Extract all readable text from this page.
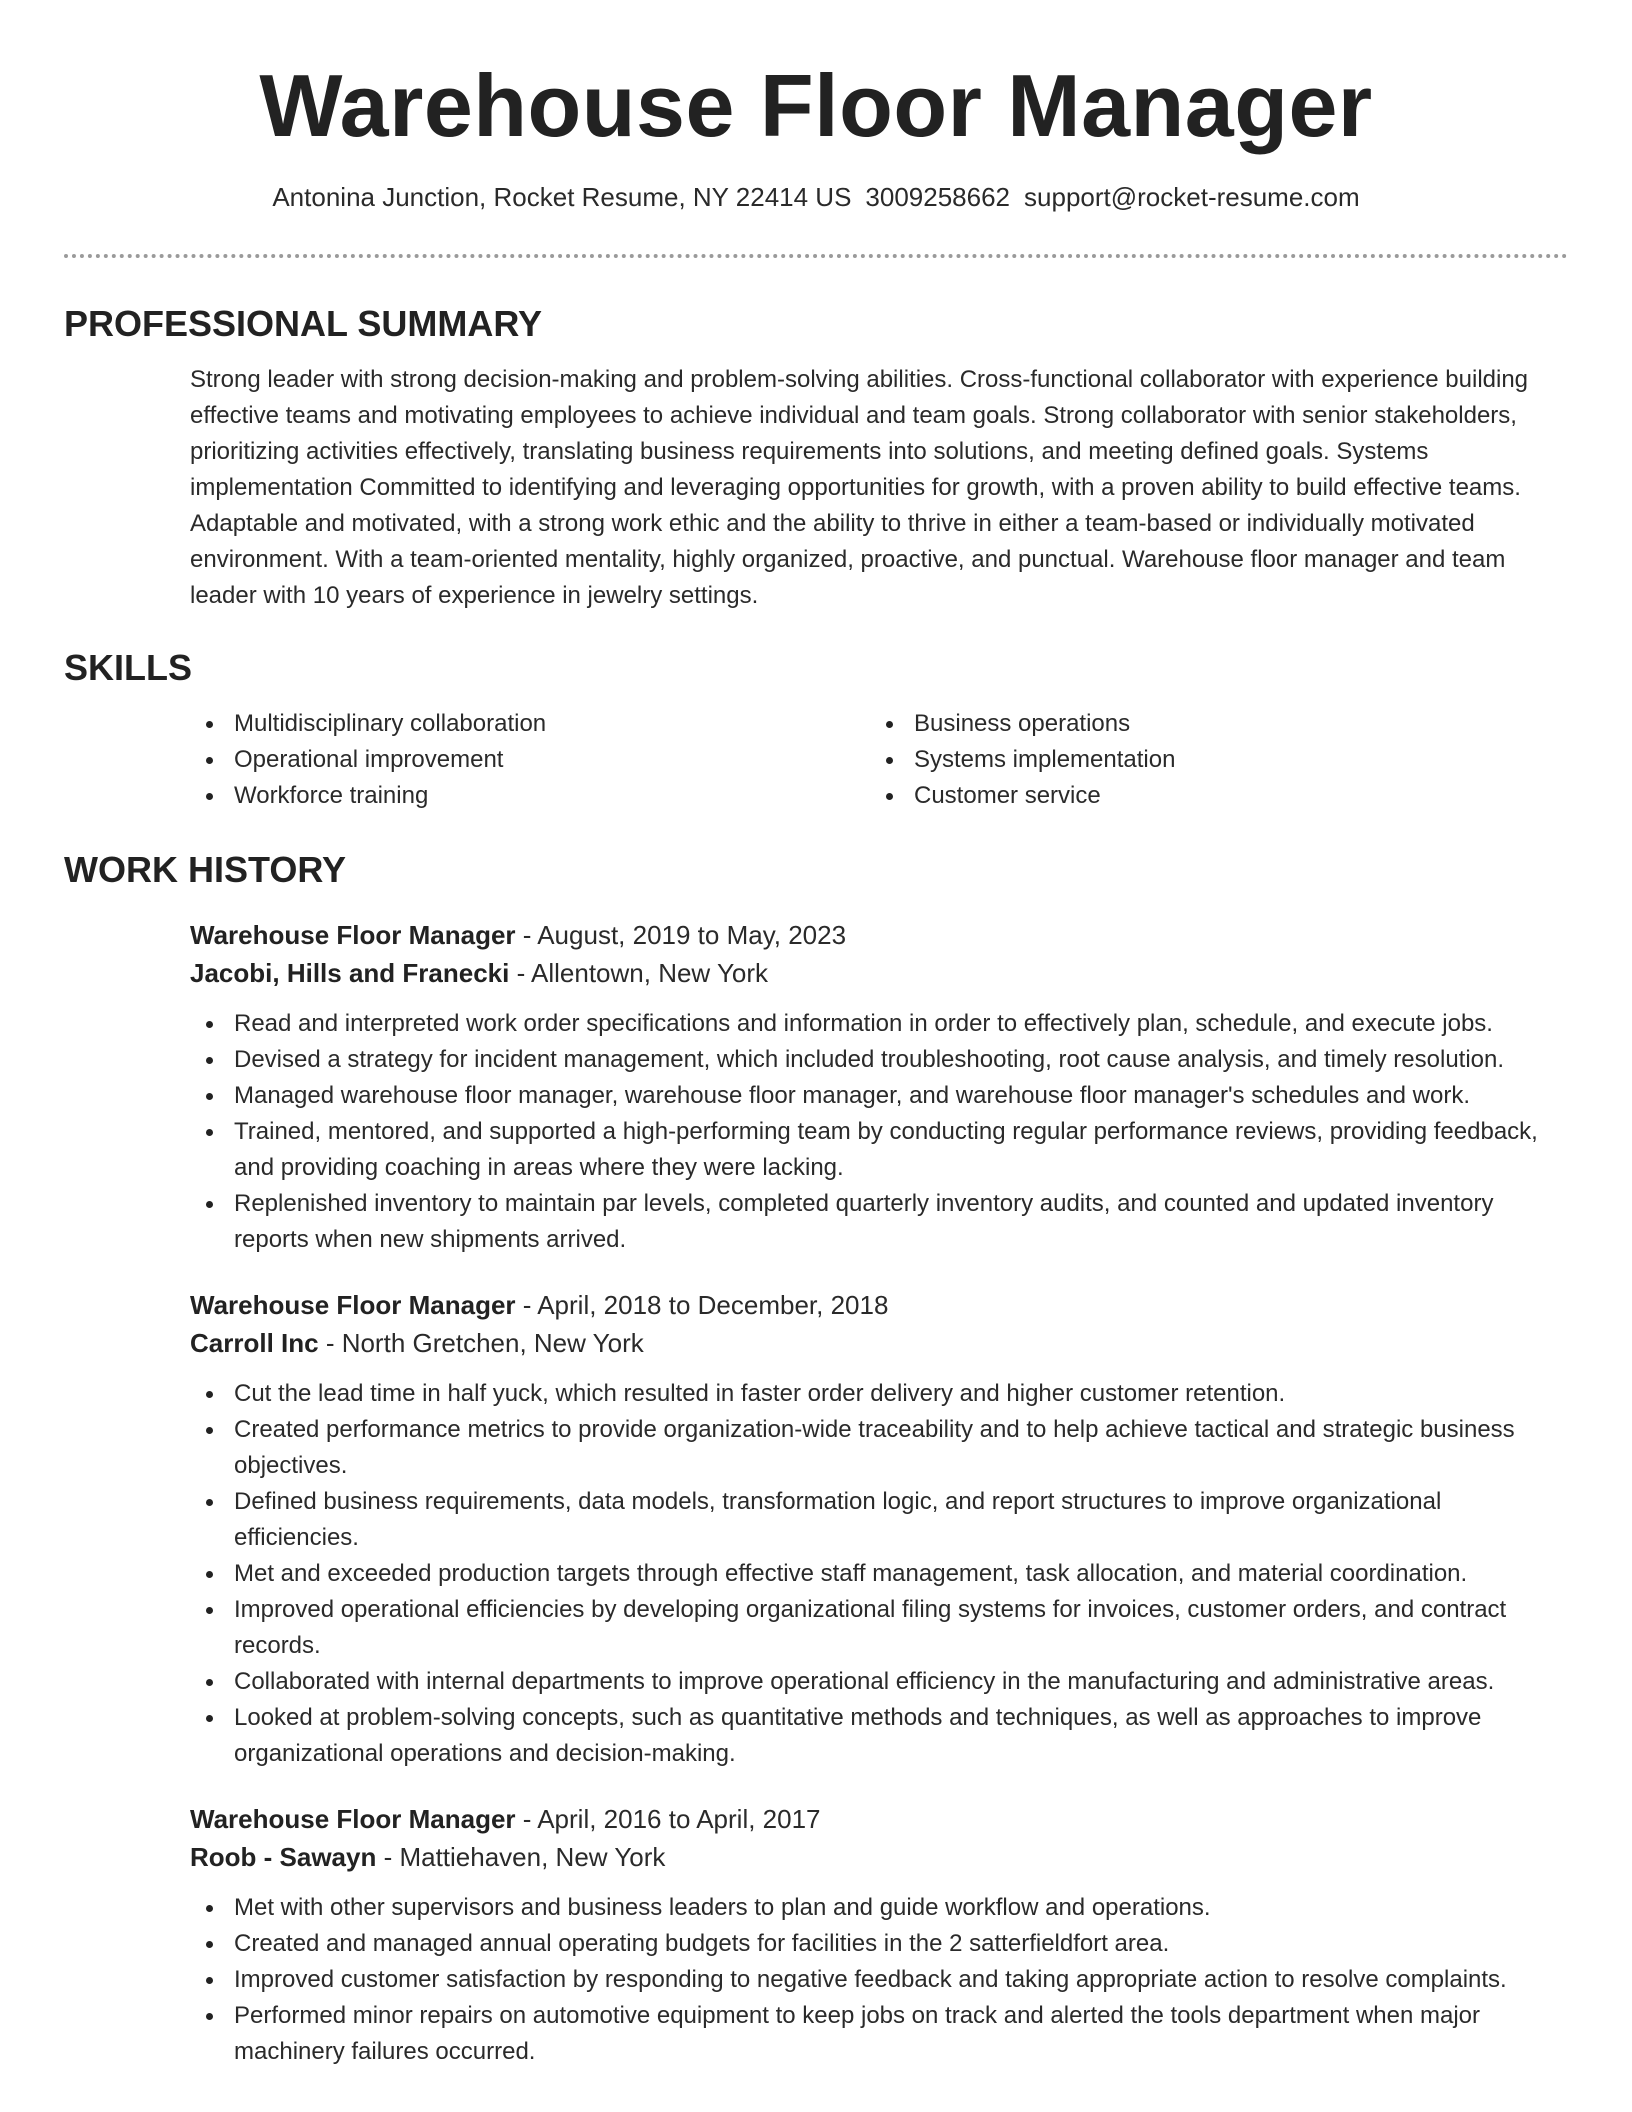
Warehouse Floor Manager
Antonina Junction, Rocket Resume, NY 22414 US 3009258662 support@rocket-resume.com
PROFESSIONAL SUMMARY

Strong leader with strong decision-making and problem-solving abilities. Cross-functional collaborator with experience building effective teams and motivating employees to achieve individual and team goals. Strong collaborator with senior stakeholders, prioritizing activities effectively, translating business requirements into solutions, and meeting defined goals. Systems implementation Committed to identifying and leveraging opportunities for growth, with a proven ability to build effective teams. Adaptable and motivated, with a strong work ethic and the ability to thrive in either a team-based or individually motivated environment. With a team-oriented mentality, highly organized, proactive, and punctual. Warehouse floor manager and team leader with 10 years of experience in jewelry settings.

SKILLS
Multidisciplinary collaboration
Operational improvement
Workforce training
Business operations
Systems implementation
Customer service
WORK HISTORY
Warehouse Floor Manager - August, 2019 to May, 2023
Jacobi, Hills and Franecki - Allentown, New York
Read and interpreted work order specifications and information in order to effectively plan, schedule, and execute jobs.
Devised a strategy for incident management, which included troubleshooting, root cause analysis, and timely resolution.
Managed warehouse floor manager, warehouse floor manager, and warehouse floor manager's schedules and work.
Trained, mentored, and supported a high-performing team by conducting regular performance reviews, providing feedback, and providing coaching in areas where they were lacking.
Replenished inventory to maintain par levels, completed quarterly inventory audits, and counted and updated inventory reports when new shipments arrived.
Warehouse Floor Manager - April, 2018 to December, 2018
Carroll Inc - North Gretchen, New York
Cut the lead time in half yuck, which resulted in faster order delivery and higher customer retention.
Created performance metrics to provide organization-wide traceability and to help achieve tactical and strategic business objectives.
Defined business requirements, data models, transformation logic, and report structures to improve organizational efficiencies.
Met and exceeded production targets through effective staff management, task allocation, and material coordination.
Improved operational efficiencies by developing organizational filing systems for invoices, customer orders, and contract records.
Collaborated with internal departments to improve operational efficiency in the manufacturing and administrative areas.
Looked at problem-solving concepts, such as quantitative methods and techniques, as well as approaches to improve organizational operations and decision-making.
Warehouse Floor Manager - April, 2016 to April, 2017
Roob - Sawayn - Mattiehaven, New York
Met with other supervisors and business leaders to plan and guide workflow and operations.
Created and managed annual operating budgets for facilities in the 2 satterfieldfort area.
Improved customer satisfaction by responding to negative feedback and taking appropriate action to resolve complaints.
Performed minor repairs on automotive equipment to keep jobs on track and alerted the tools department when major machinery failures occurred.
